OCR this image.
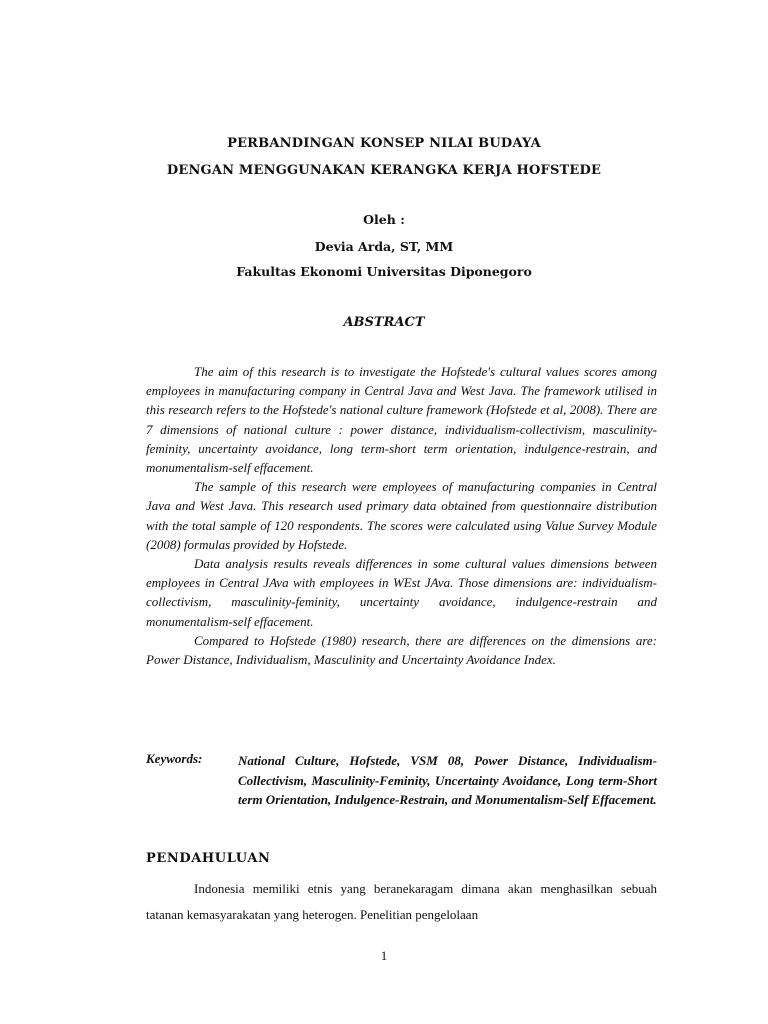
PERBANDINGAN KONSEP NILAI BUDAYA
DENGAN MENGGUNAKAN KERANGKA KERJA HOFSTEDE
Oleh :
Devia Arda, ST, MM
Fakultas Ekonomi Universitas Diponegoro
ABSTRACT

The aim of this research is to investigate the Hofstede's cultural values scores among employees in manufacturing company in Central Java and West Java. The framework utilised in this research refers to the Hofstede's national culture framework (Hofstede et al, 2008). There are 7 dimensions of national culture : power distance, individualism-collectivism, masculinity-feminity, uncertainty avoidance, long term-short term orientation, indulgence-restrain, and monumentalism-self effacement.

The sample of this research were employees of manufacturing companies in Central Java and West Java. This research used primary data obtained from questionnaire distribution with the total sample of 120 respondents. The scores were calculated using Value Survey Module (2008) formulas provided by Hofstede.

Data analysis results reveals differences in some cultural values dimensions between employees in Central JAva with employees in WEst JAva. Those dimensions are: individualism-collectivism, masculinity-feminity, uncertainty avoidance, indulgence-restrain and monumentalism-self effacement.

Compared to Hofstede (1980) research, there are differences on the dimensions are: Power Distance, Individualism, Masculinity and Uncertainty Avoidance Index.

Keywords:	National Culture, Hofstede, VSM 08, Power Distance, Individualism-Collectivism, Masculinity-Feminity, Uncertainty Avoidance, Long term-Short term Orientation, Indulgence-Restrain, and Monumentalism-Self Effacement.
PENDAHULUAN

Indonesia memiliki etnis yang beranekaragam dimana akan menghasilkan sebuah tatanan kemasyarakatan yang heterogen. Penelitian pengelolaan

1
